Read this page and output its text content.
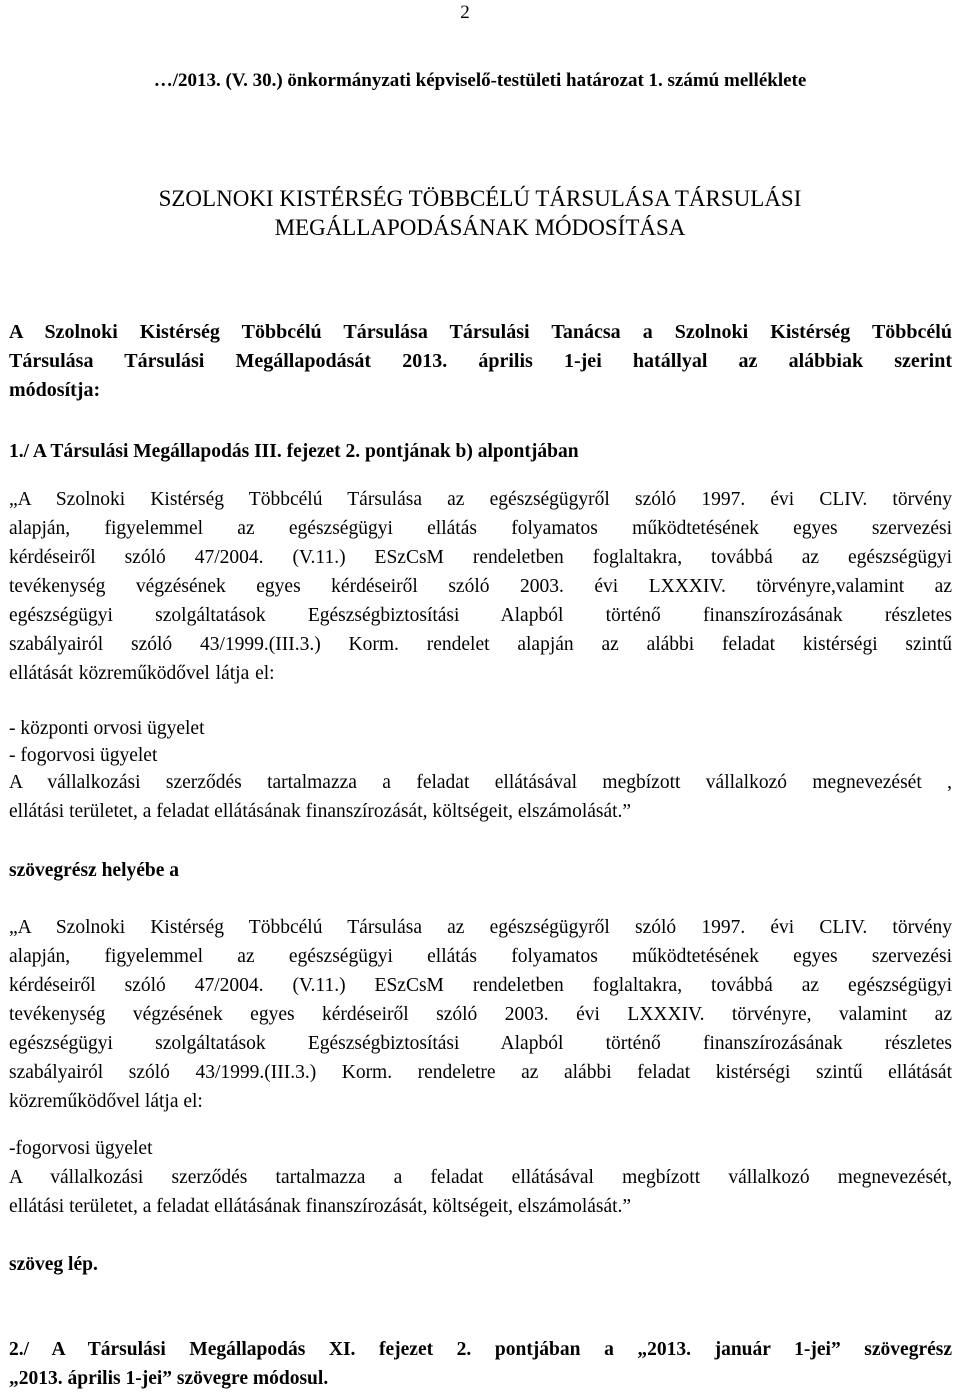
2
…/2013. (V. 30.) önkormányzati képviselő-testületi határozat 1. számú melléklete

SZOLNOKI KISTÉRSÉG TÖBBCÉLÚ TÁRSULÁSA TÁRSULÁSI

MEGÁLLAPODÁSÁNAK MÓDOSÍTÁSA

A Szolnoki Kistérség Többcélú Társulása Társulási Tanácsa a Szolnoki Kistérség Többcélú

Társulása Társulási Megállapodását 2013. április 1-jei hatállyal az alábbiak szerint

módosítja:

1./ A Társulási Megállapodás III. fejezet 2. pontjának b) alpontjában

„A Szolnoki Kistérség Többcélú Társulása az egészségügyről szóló 1997. évi CLIV. törvény

alapján, figyelemmel az egészségügyi ellátás folyamatos működtetésének egyes szervezési

kérdéseiről szóló 47/2004. (V.11.) ESzCsM rendeletben foglaltakra, továbbá az egészségügyi

tevékenység végzésének egyes kérdéseiről szóló 2003. évi LXXXIV. törvényre,valamint az

egészségügyi szolgáltatások Egészségbiztosítási Alapból történő finanszírozásának részletes

szabályairól szóló 43/1999.(III.3.) Korm. rendelet alapján az alábbi feladat kistérségi szintű

ellátását közreműködővel látja el:

- központi orvosi ügyelet

- fogorvosi ügyelet

A vállalkozási szerződés tartalmazza a feladat ellátásával megbízott vállalkozó megnevezését ,

ellátási területet, a feladat ellátásának finanszírozását, költségeit, elszámolását.”

szövegrész helyébe a

„A Szolnoki Kistérség Többcélú Társulása az egészségügyről szóló 1997. évi CLIV. törvény

alapján, figyelemmel az egészségügyi ellátás folyamatos működtetésének egyes szervezési

kérdéseiről szóló 47/2004. (V.11.) ESzCsM rendeletben foglaltakra, továbbá az egészségügyi

tevékenység végzésének egyes kérdéseiről szóló 2003. évi LXXXIV. törvényre, valamint az

egészségügyi szolgáltatások Egészségbiztosítási Alapból történő finanszírozásának részletes

szabályairól szóló 43/1999.(III.3.) Korm. rendeletre az alábbi feladat kistérségi szintű ellátását

közreműködővel látja el:

-fogorvosi ügyelet

A vállalkozási szerződés tartalmazza a feladat ellátásával megbízott vállalkozó megnevezését,

ellátási területet, a feladat ellátásának finanszírozását, költségeit, elszámolását.”

szöveg lép.

2./ A Társulási Megállapodás XI. fejezet 2. pontjában a „2013. január 1-jei” szövegrész

„2013. április 1-jei” szövegre módosul.
